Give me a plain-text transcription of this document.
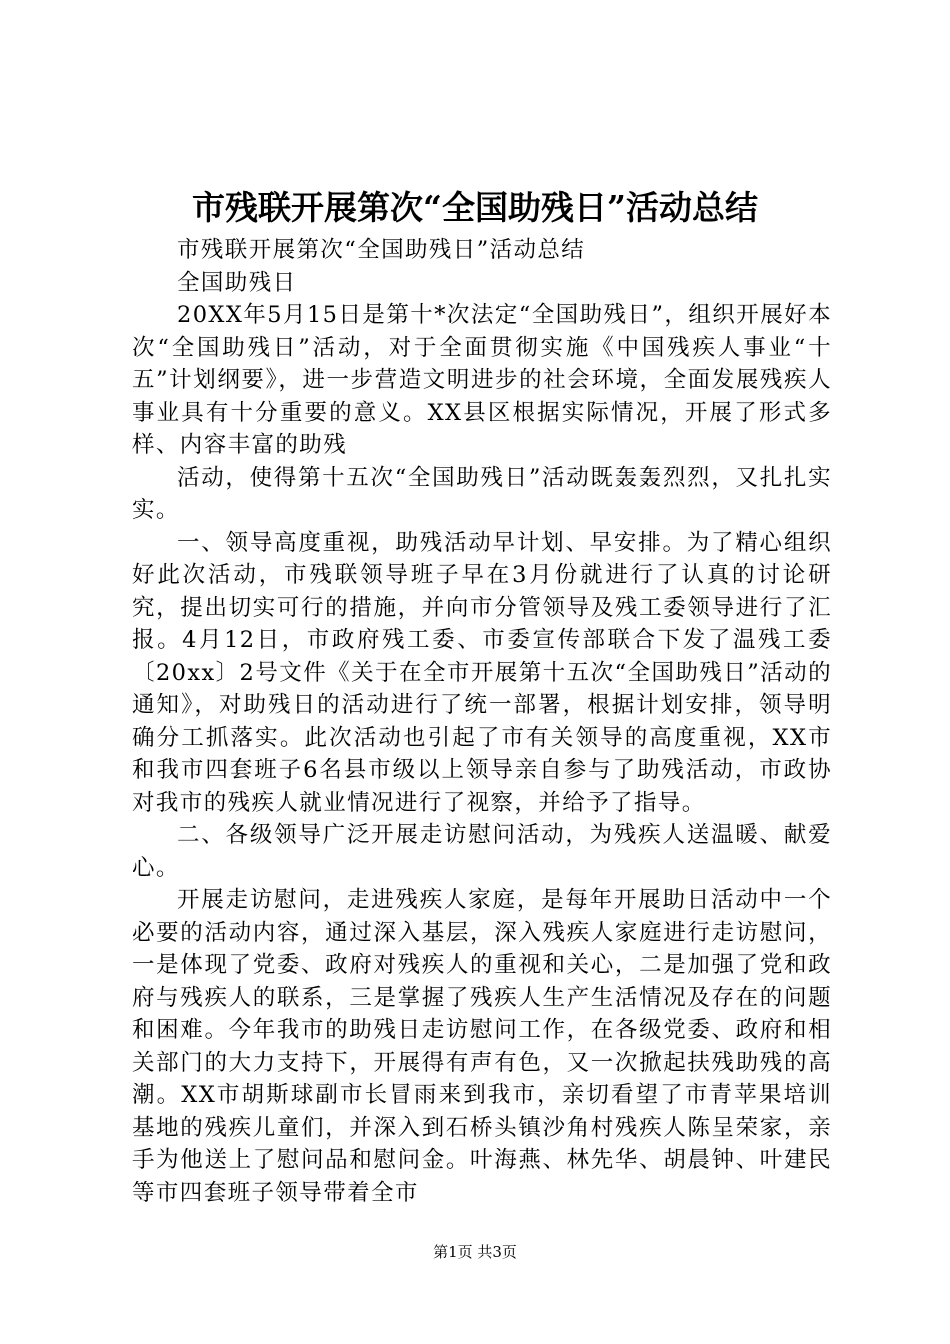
市残联开展第次“全国助残日”活动总结

市残联开展第次“全国助残日”活动总结

全国助残日

20XX年5月15日是第十*次法定“全国助残日”，组织开展好本次“全国助残日”活动，对于全面贯彻实施《中国残疾人事业“十五”计划纲要》，进一步营造文明进步的社会环境，全面发展残疾人事业具有十分重要的意义。XX县区根据实际情况，开展了形式多样、内容丰富的助残

活动，使得第十五次“全国助残日”活动既轰轰烈烈，又扎扎实实。

一、领导高度重视，助残活动早计划、早安排。为了精心组织好此次活动，市残联领导班子早在3月份就进行了认真的讨论研究，提出切实可行的措施，并向市分管领导及残工委领导进行了汇报。4月12日，市政府残工委、市委宣传部联合下发了温残工委〔20xx〕2号文件《关于在全市开展第十五次“全国助残日”活动的通知》，对助残日的活动进行了统一部署，根据计划安排，领导明确分工抓落实。此次活动也引起了市有关领导的高度重视，XX市和我市四套班子6名县市级以上领导亲自参与了助残活动，市政协对我市的残疾人就业情况进行了视察，并给予了指导。

二、各级领导广泛开展走访慰问活动，为残疾人送温暖、献爱心。

开展走访慰问，走进残疾人家庭，是每年开展助日活动中一个必要的活动内容，通过深入基层，深入残疾人家庭进行走访慰问，一是体现了党委、政府对残疾人的重视和关心，二是加强了党和政府与残疾人的联系，三是掌握了残疾人生产生活情况及存在的问题和困难。今年我市的助残日走访慰问工作，在各级党委、政府和相关部门的大力支持下，开展得有声有色，又一次掀起扶残助残的高潮。XX市胡斯球副市长冒雨来到我市，亲切看望了市青苹果培训基地的残疾儿童们，并深入到石桥头镇沙角村残疾人陈呈荣家，亲手为他送上了慰问品和慰问金。叶海燕、林先华、胡晨钟、叶建民等市四套班子领导带着全市

第1页 共3页
